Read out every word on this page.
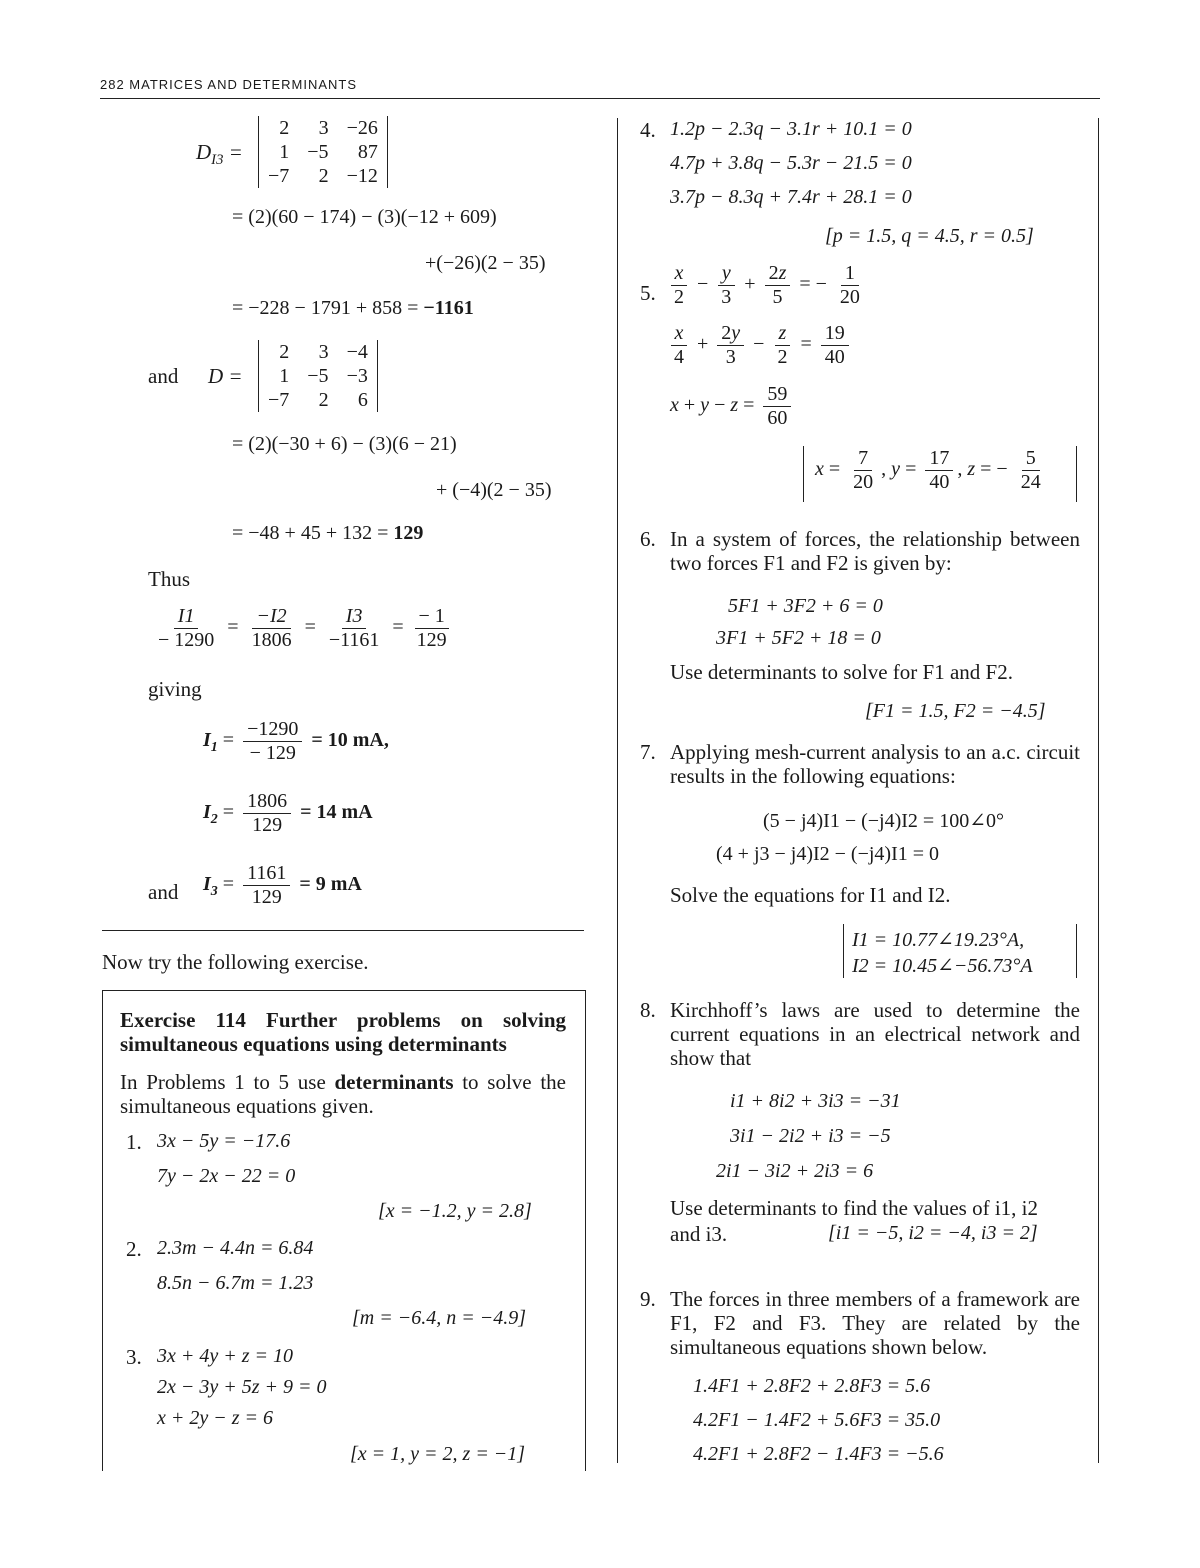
282 MATRICES AND DETERMINANTS
$D_{I3}$ =
2	3	−26
1	−5	87
−7	2	−12
= (2)(60 − 174) − (3)(−12 + 609)
+(−26)(2 − 35)
= −228 − 1791 + 858 = −1161
and D =
2	3	−4
1	−5	−3
−7	2	6
= (2)(−30 + 6) − (3)(6 − 21)
+ (−4)(2 − 35)
= −48 + 45 + 132 = 129
Thus
$\frac{I1}{- 1290} = \frac{-I2}{1806} = \frac{I3}{-1161} = \frac{- 1}{129}$
giving
$I_1 = \frac{-1290}{- 129} = 10$ mA,
$I_2 = \frac{1806}{129} = 14$ mA
and $I_3 = \frac{1161}{129} = 9$ mA
Now try the following exercise.
Exercise 114 Further problems on solving simultaneous equations using determinants
In Problems 1 to 5 use determinants to solve the simultaneous equations given.
1. 3x − 5y = −17.6
7y − 2x − 22 = 0
[x = −1.2, y = 2.8]
2. 2.3m − 4.4n = 6.84
8.5n − 6.7m = 1.23
[m = −6.4, n = −4.9]
3. 3x + 4y + z = 10
2x − 3y + 5z + 9 = 0
x + 2y − z = 6
[x = 1, y = 2, z = −1]
4. 1.2p − 2.3q − 3.1r + 10.1 = 0
4.7p + 3.8q − 5.3r − 21.5 = 0
3.7p − 8.3q + 7.4r + 28.1 = 0
[p = 1.5, q = 4.5, r = 0.5]
5. $\frac{x}{2} - \frac{y}{3} + \frac{2z}{5}$ = − $\frac{1}{20}$
$\frac{x}{4} + \frac{2y}{3} - \frac{z}{2} = \frac{19}{40}$
$x + y - z = \frac{59}{60}$
$x = \frac{7}{20}$ , $y = \frac{17}{40}$ , z = − $\frac{5}{24}$
6. In a system of forces, the relationship between two forces F1 and F2 is given by:
5F1 + 3F2 + 6 = 0
3F1 + 5F2 + 18 = 0
Use determinants to solve for F1 and F2.
[F1 = 1.5, F2 = −4.5]
7. Applying mesh-current analysis to an a.c. circuit results in the following equations:
(5 − j4)I1 − (−j4)I2 = 100∠0°
(4 + j3 − j4)I2 − (−j4)I1 = 0
Solve the equations for I1 and I2.
I1 = 10.77∠19.23°A,
I2 = 10.45∠−56.73°A
8. Kirchhoff’s laws are used to determine the current equations in an electrical network and show that
i1 + 8i2 + 3i3 = −31
3i1 − 2i2 + i3 = −5
2i1 − 3i2 + 2i3 = 6
Use determinants to find the values of i1, i2
and i3.	[i1 = −5, i2 = −4, i3 = 2]
9. The forces in three members of a framework are F1, F2 and F3. They are related by the simultaneous equations shown below.
1.4F1 + 2.8F2 + 2.8F3 = 5.6
4.2F1 − 1.4F2 + 5.6F3 = 35.0
4.2F1 + 2.8F2 − 1.4F3 = −5.6
